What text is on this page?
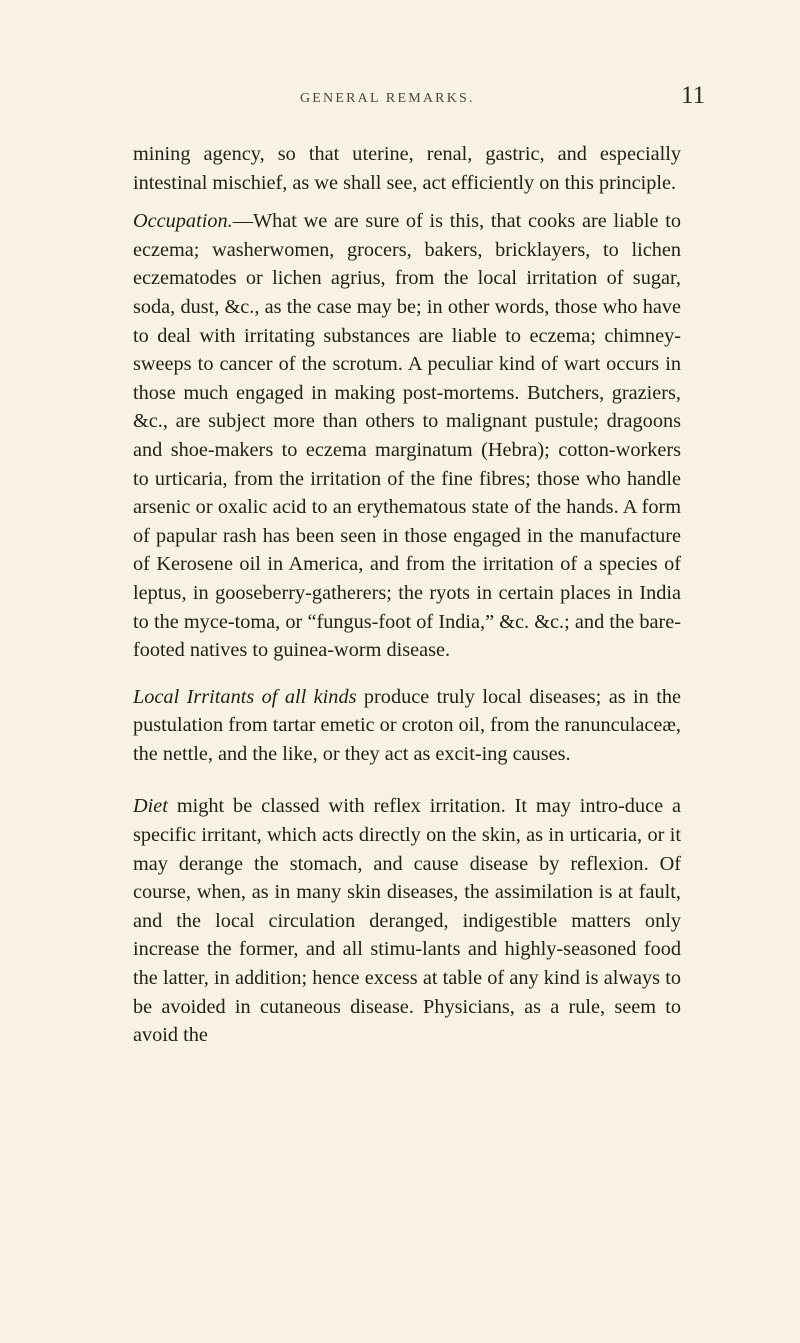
GENERAL REMARKS.	11

mining agency, so that uterine, renal, gastric, and especially intestinal mischief, as we shall see, act efficiently on this principle.

Occupation.—What we are sure of is this, that cooks are liable to eczema; washerwomen, grocers, bakers, bricklayers, to lichen eczematodes or lichen agrius, from the local irritation of sugar, soda, dust, &c., as the case may be; in other words, those who have to deal with irritating substances are liable to eczema; chimney-sweeps to cancer of the scrotum. A peculiar kind of wart occurs in those much engaged in making post-mortems. Butchers, graziers, &c., are subject more than others to malignant pustule; dragoons and shoe-makers to eczema marginatum (Hebra); cotton-workers to urticaria, from the irritation of the fine fibres; those who handle arsenic or oxalic acid to an erythematous state of the hands. A form of papular rash has been seen in those engaged in the manufacture of Kerosene oil in America, and from the irritation of a species of leptus, in gooseberry-gatherers; the ryots in certain places in India to the myce-toma, or “fungus-foot of India,” &c. &c.; and the bare-footed natives to guinea-worm disease.

Local Irritants of all kinds produce truly local diseases; as in the pustulation from tartar emetic or croton oil, from the ranunculaceæ, the nettle, and the like, or they act as excit-ing causes.

Diet might be classed with reflex irritation. It may intro-duce a specific irritant, which acts directly on the skin, as in urticaria, or it may derange the stomach, and cause disease by reflexion. Of course, when, as in many skin diseases, the assimilation is at fault, and the local circulation deranged, indigestible matters only increase the former, and all stimu-lants and highly-seasoned food the latter, in addition; hence excess at table of any kind is always to be avoided in cutaneous disease. Physicians, as a rule, seem to avoid the
